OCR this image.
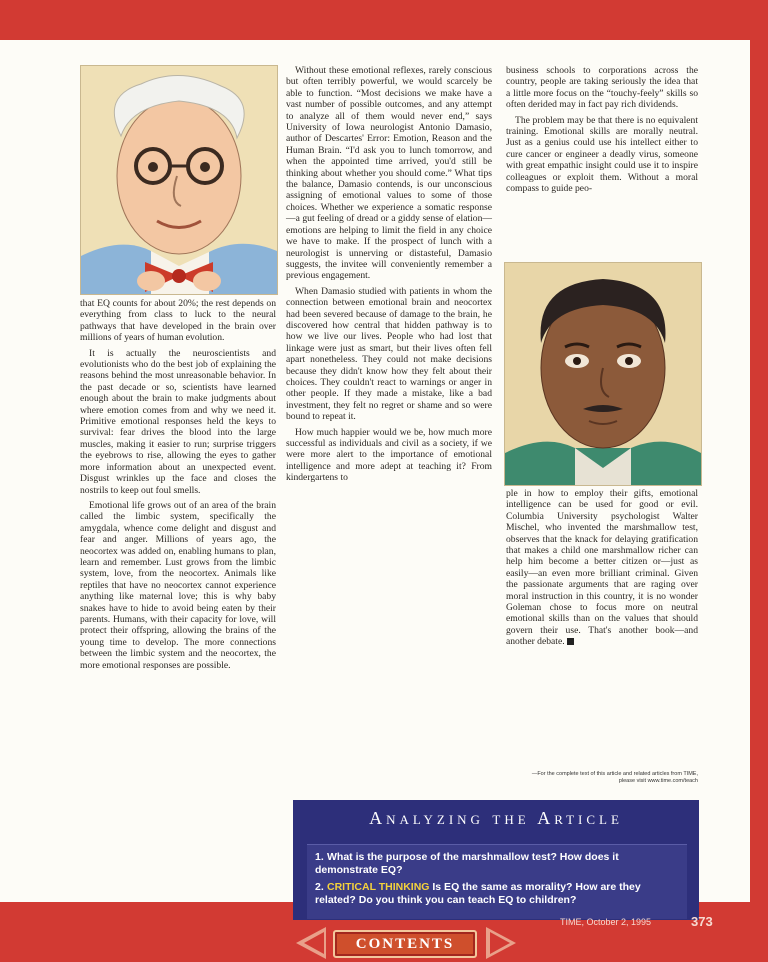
that EQ counts for about 20%; the rest depends on everything from class to luck to the neural pathways that have developed in the brain over millions of years of human evolution.

It is actually the neuroscientists and evolutionists who do the best job of explaining the reasons behind the most unreasonable behavior. In the past decade or so, scientists have learned enough about the brain to make judgments about where emotion comes from and why we need it. Primitive emotional responses held the keys to survival: fear drives the blood into the large muscles, making it easier to run; surprise triggers the eyebrows to rise, allowing the eyes to gather more information about an unexpected event. Disgust wrinkles up the face and closes the nostrils to keep out foul smells.

Emotional life grows out of an area of the brain called the limbic system, specifically the amygdala, whence come delight and disgust and fear and anger. Millions of years ago, the neocortex was added on, enabling humans to plan, learn and remember. Lust grows from the limbic system, love, from the neocortex. Animals like reptiles that have no neocortex cannot experience anything like maternal love; this is why baby snakes have to hide to avoid being eaten by their parents. Humans, with their capacity for love, will protect their offspring, allowing the brains of the young time to develop. The more connections between the limbic system and the neocortex, the more emotional responses are possible.

Without these emotional reflexes, rarely conscious but often terribly powerful, we would scarcely be able to function. “Most decisions we make have a vast number of possible outcomes, and any attempt to analyze all of them would never end,” says University of Iowa neurologist Antonio Damasio, author of Descartes' Error: Emotion, Reason and the Human Brain. “I'd ask you to lunch tomorrow, and when the appointed time arrived, you'd still be thinking about whether you should come.” What tips the balance, Damasio contends, is our unconscious assigning of emotional values to some of those choices. Whether we experience a somatic response—a gut feeling of dread or a giddy sense of elation—emotions are helping to limit the field in any choice we have to make. If the prospect of lunch with a neurologist is unnerving or distasteful, Damasio suggests, the invitee will conveniently remember a previous engagement.

When Damasio studied with patients in whom the connection between emotional brain and neocortex had been severed because of damage to the brain, he discovered how central that hidden pathway is to how we live our lives. People who had lost that linkage were just as smart, but their lives often fell apart nonetheless. They could not make decisions because they didn't know how they felt about their choices. They couldn't react to warnings or anger in other people. If they made a mistake, like a bad investment, they felt no regret or shame and so were bound to repeat it.

How much happier would we be, how much more successful as individuals and civil as a society, if we were more alert to the importance of emotional intelligence and more adept at teaching it? From kindergartens to

business schools to corporations across the country, people are taking seriously the idea that a little more focus on the “touchy-feely” skills so often derided may in fact pay rich dividends.

The problem may be that there is no equivalent training. Emotional skills are morally neutral. Just as a genius could use his intellect either to cure cancer or engineer a deadly virus, someone with great empathic insight could use it to inspire colleagues or exploit them. Without a moral compass to guide peo-

ple in how to employ their gifts, emotional intelligence can be used for good or evil. Columbia University psychologist Walter Mischel, who invented the marshmallow test, observes that the knack for delaying gratification that makes a child one marshmallow richer can help him become a better citizen or—just as easily—an even more brilliant criminal. Given the passionate arguments that are raging over moral instruction in this country, it is no wonder Goleman chose to focus more on neutral emotional skills than on the values that should govern their use. That's another book—and another debate.

—For the complete text of this article and related articles from TIME, please visit www.time.com/teach
Analyzing the Article
1. What is the purpose of the marshmallow test? How does it demonstrate EQ?
2. CRITICAL THINKING Is EQ the same as morality? How are they related? Do you think you can teach EQ to children?
TIME, October 2, 1995	373
CONTENTS
